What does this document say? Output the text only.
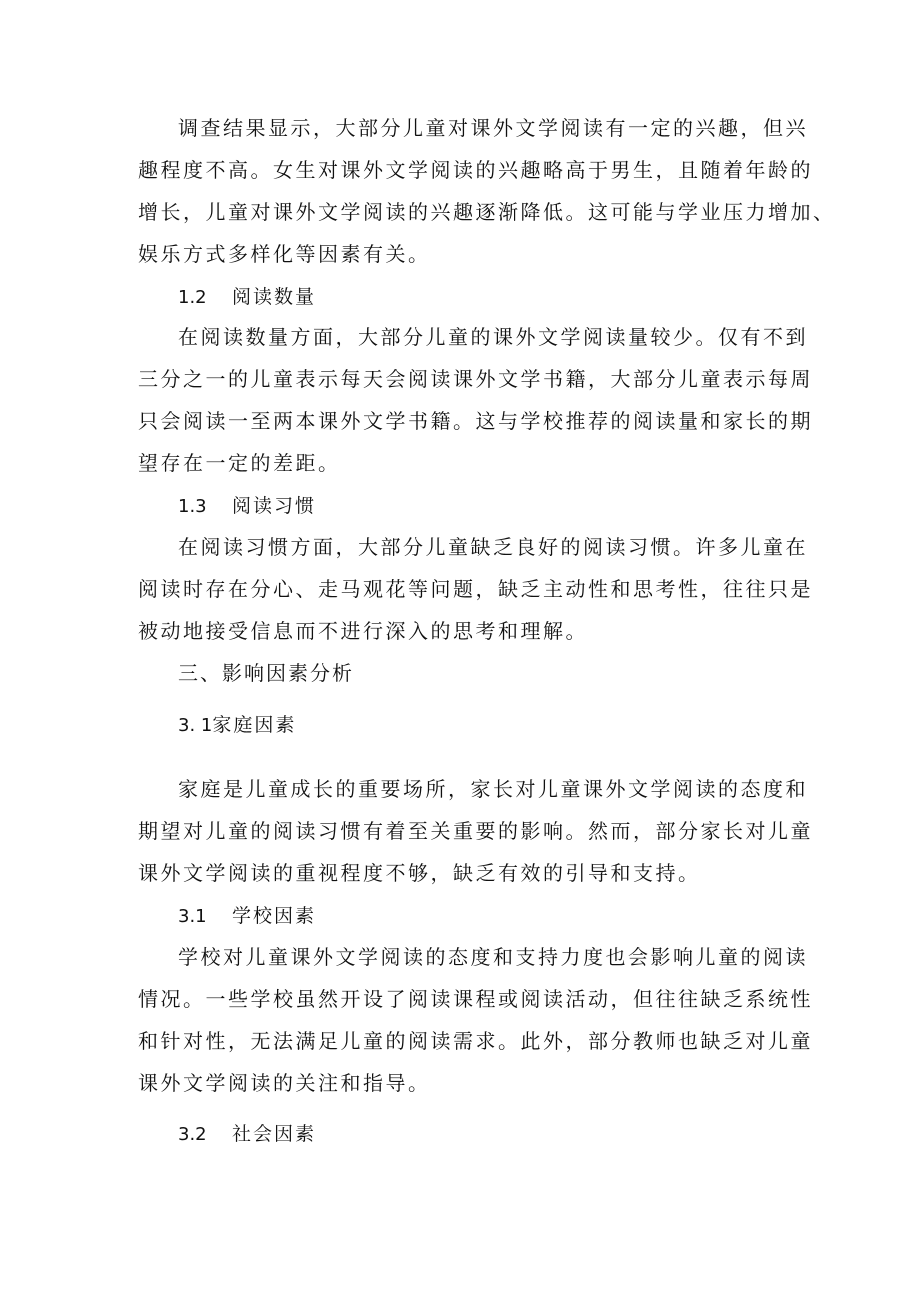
调查结果显示，大部分儿童对课外文学阅读有一定的兴趣，但兴
趣程度不高。女生对课外文学阅读的兴趣略高于男生，且随着年龄的
增长，儿童对课外文学阅读的兴趣逐渐降低。这可能与学业压力增加、
娱乐方式多样化等因素有关。
1.2 阅读数量
在阅读数量方面，大部分儿童的课外文学阅读量较少。仅有不到
三分之一的儿童表示每天会阅读课外文学书籍，大部分儿童表示每周
只会阅读一至两本课外文学书籍。这与学校推荐的阅读量和家长的期
望存在一定的差距。
1.3 阅读习惯
在阅读习惯方面，大部分儿童缺乏良好的阅读习惯。许多儿童在
阅读时存在分心、走马观花等问题，缺乏主动性和思考性，往往只是
被动地接受信息而不进行深入的思考和理解。
三、影响因素分析
3. 1家庭因素
家庭是儿童成长的重要场所，家长对儿童课外文学阅读的态度和
期望对儿童的阅读习惯有着至关重要的影响。然而，部分家长对儿童
课外文学阅读的重视程度不够，缺乏有效的引导和支持。
3.1 学校因素
学校对儿童课外文学阅读的态度和支持力度也会影响儿童的阅读
情况。一些学校虽然开设了阅读课程或阅读活动，但往往缺乏系统性
和针对性，无法满足儿童的阅读需求。此外，部分教师也缺乏对儿童
课外文学阅读的关注和指导。
3.2 社会因素
